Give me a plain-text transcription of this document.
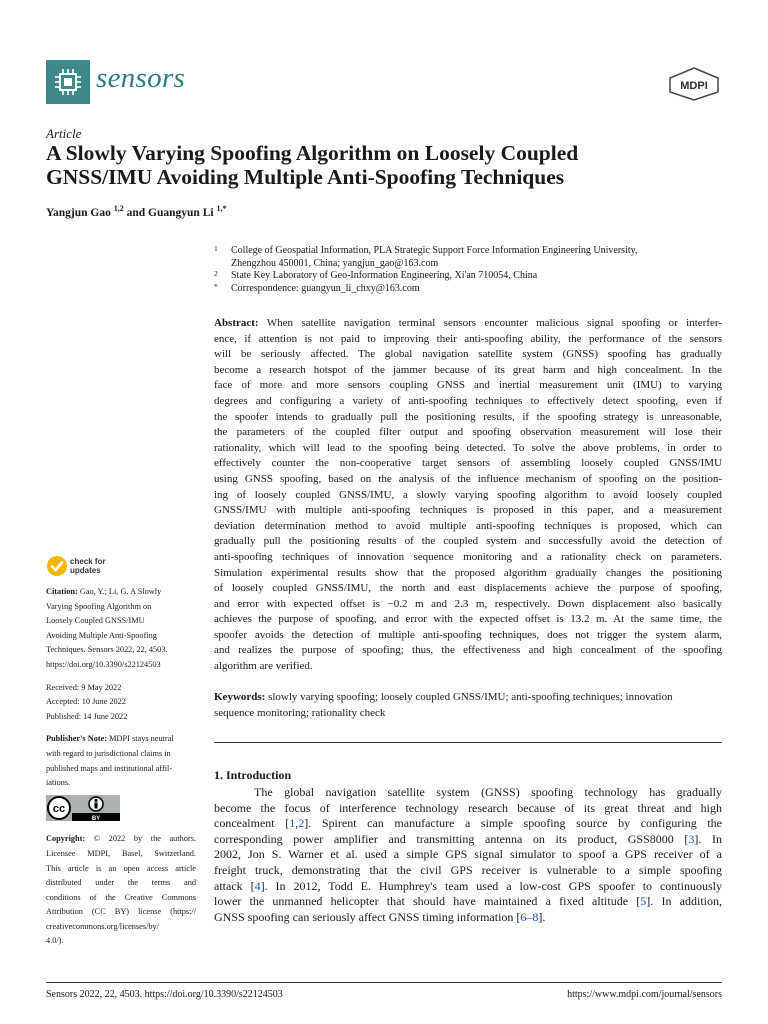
sensors	MDPI
Article
A Slowly Varying Spoofing Algorithm on Loosely Coupled
GNSS/IMU Avoiding Multiple Anti-Spoofing Techniques
Yangjun Gao $^{1,2}$ and Guangyun Li $^{1,*}$
1 College of Geospatial Information, PLA Strategic Support Force Information Engineering University,
Zhengzhou 450001, China; yangjun_gao@163.com
2 State Key Laboratory of Geo-Information Engineering, Xi'an 710054, China
* Correspondence: guangyun_li_chxy@163.com
Abstract: When satellite navigation terminal sensors encounter malicious signal spoofing or interfer-
ence, if attention is not paid to improving their anti-spoofing ability, the performance of the sensors
will be seriously affected. The global navigation satellite system (GNSS) spoofing has gradually
become a research hotspot of the jammer because of its great harm and high concealment. In the
face of more and more sensors coupling GNSS and inertial measurement unit (IMU) to varying
degrees and configuring a variety of anti-spoofing techniques to effectively detect spoofing, even if
the spoofer intends to gradually pull the positioning results, if the spoofing strategy is unreasonable,
the parameters of the coupled filter output and spoofing observation measurement will lose their
rationality, which will lead to the spoofing being detected. To solve the above problems, in order to
effectively counter the non-cooperative target sensors of assembling loosely coupled GNSS/IMU
using GNSS spoofing, based on the analysis of the influence mechanism of spoofing on the position-
ing of loosely coupled GNSS/IMU, a slowly varying spoofing algorithm to avoid loosely coupled
GNSS/IMU with multiple anti-spoofing techniques is proposed in this paper, and a measurement
deviation determination method to avoid multiple anti-spoofing techniques is proposed, which can
gradually pull the positioning results of the coupled system and successfully avoid the detection of
anti-spoofing techniques of innovation sequence monitoring and a rationality check on parameters.
Simulation experimental results show that the proposed algorithm gradually changes the positioning
of loosely coupled GNSS/IMU, the north and east displacements achieve the purpose of spoofing,
and error with expected offset is −0.2 m and 2.3 m, respectively. Down displacement also basically
achieves the purpose of spoofing, and error with the expected offset is 13.2 m. At the same time, the
spoofer avoids the detection of multiple anti-spoofing techniques, does not trigger the system alarm,
and realizes the purpose of spoofing; thus, the effectiveness and high concealment of the spoofing
algorithm are verified.
Keywords: slowly varying spoofing; loosely coupled GNSS/IMU; anti-spoofing techniques; innovation
sequence monitoring; rationality check
1. Introduction
The global navigation satellite system (GNSS) spoofing technology has gradually
become the focus of interference technology research because of its great threat and high
concealment [1,2]. Spirent can manufacture a simple spoofing source by configuring the
corresponding power amplifier and transmitting antenna on its product, GSS8000 [3]. In
2002, Jon S. Warner et al. used a simple GPS signal simulator to spoof a GPS receiver of a
freight truck, demonstrating that the civil GPS receiver is vulnerable to a simple spoofing
attack [4]. In 2012, Todd E. Humphrey's team used a low-cost GPS spoofer to continuously
lower the unmanned helicopter that should have maintained a fixed altitude [5]. In addition,
GNSS spoofing can seriously affect GNSS timing information [6–8].
check for
updates
Citation: Gao, Y.; Li, G. A Slowly
Varying Spoofing Algorithm on
Loosely Coupled GNSS/IMU
Avoiding Multiple Anti-Spoofing
Techniques. Sensors 2022, 22, 4503.
https://doi.org/10.3390/s22124503
Received: 9 May 2022
Accepted: 10 June 2022
Published: 14 June 2022
Publisher's Note: MDPI stays neutral
with regard to jurisdictional claims in
published maps and institutional affil-
iations.
cc
BY
Copyright: © 2022 by the authors.
Licensee MDPI, Basel, Switzerland.
This article is an open access article
distributed under the terms and
conditions of the Creative Commons
Attribution (CC BY) license (https://
creativecommons.org/licenses/by/
4.0/).
Sensors 2022, 22, 4503. https://doi.org/10.3390/s22124503	https://www.mdpi.com/journal/sensors
